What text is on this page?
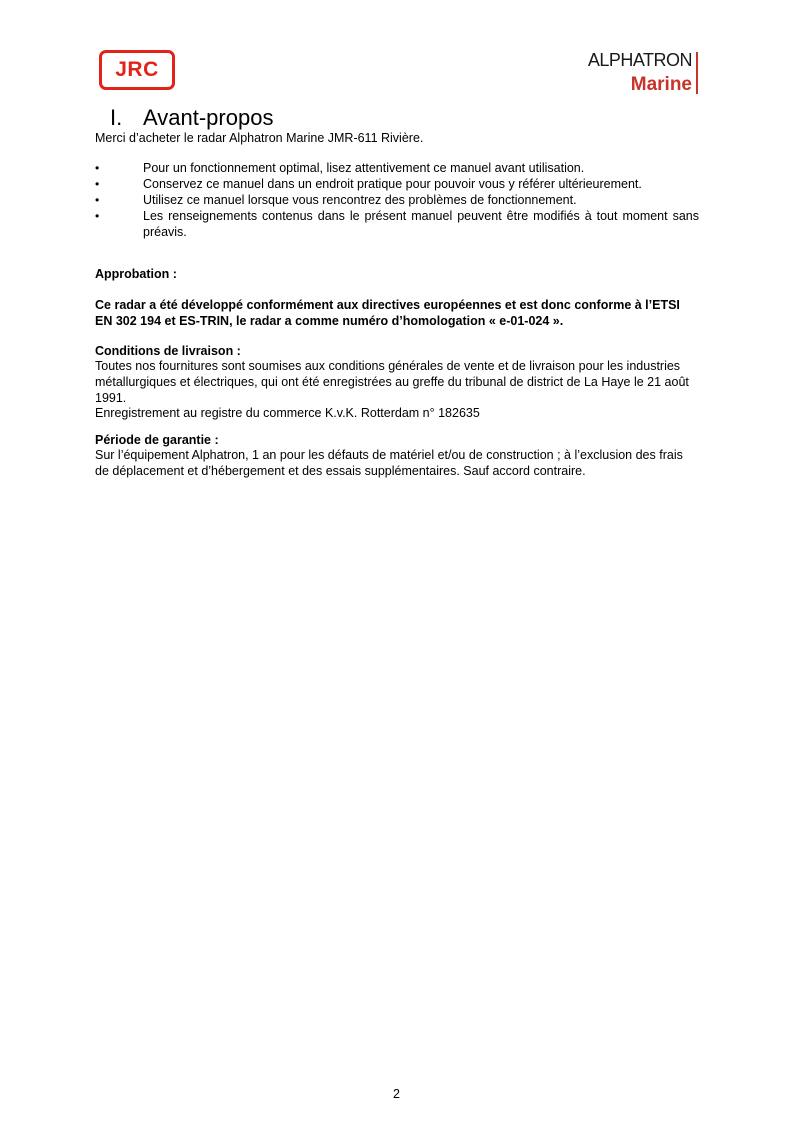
JRC	ALPHATRON
Marine
I. Avant-propos
Merci d’acheter le radar Alphatron Marine JMR-611 Rivière.
•	Pour un fonctionnement optimal, lisez attentivement ce manuel avant utilisation.
•	Conservez ce manuel dans un endroit pratique pour pouvoir vous y référer ultérieurement.
•	Utilisez ce manuel lorsque vous rencontrez des problèmes de fonctionnement.
•	Les renseignements contenus dans le présent manuel peuvent être modifiés à tout moment sans préavis.
Approbation :
Ce radar a été développé conformément aux directives européennes et est donc conforme à l’ETSI EN 302 194 et ES-TRIN, le radar a comme numéro d’homologation « e-01-024 ».
Conditions de livraison :
Toutes nos fournitures sont soumises aux conditions générales de vente et de livraison pour les industries métallurgiques et électriques, qui ont été enregistrées au greffe du tribunal de district de La Haye le 21 août 1991.
Enregistrement au registre du commerce K.v.K. Rotterdam n° 182635
Période de garantie :
Sur l’équipement Alphatron, 1 an pour les défauts de matériel et/ou de construction ; à l’exclusion des frais de déplacement et d’hébergement et des essais supplémentaires. Sauf accord contraire.
2
